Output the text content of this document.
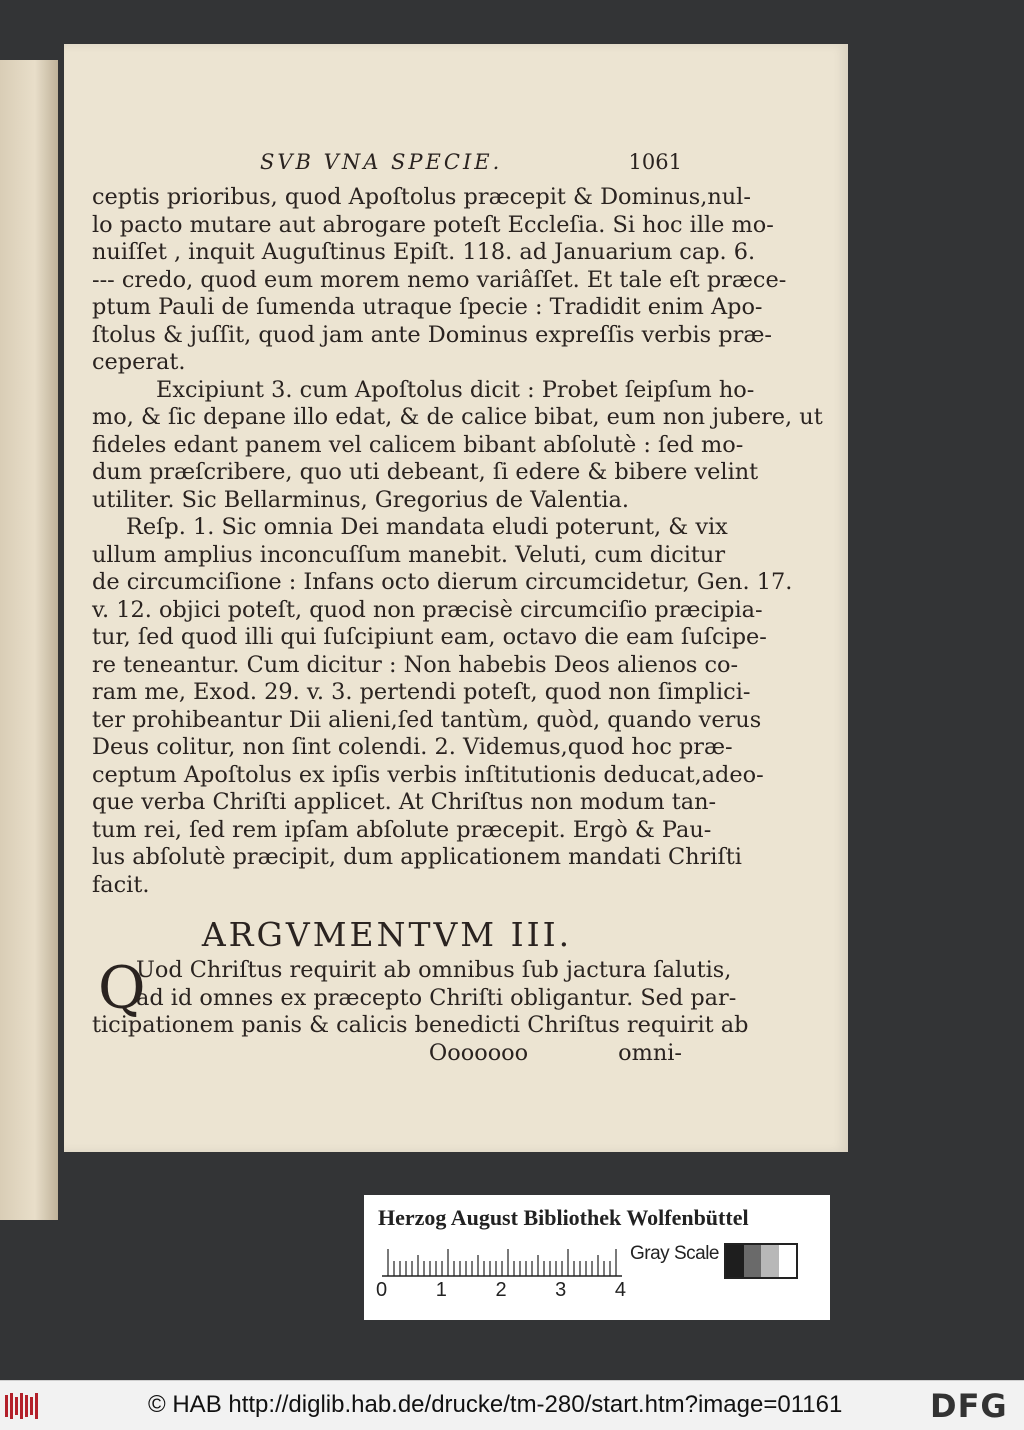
SVB VNA SPECIE.	1061
ceptis prioribus, quod Apoſtolus præcepit & Dominus,nul-
lo pacto mutare aut abrogare poteſt Eccleſia. Si hoc ille mo-
nuiſſet , inquit Auguſtinus Epiſt. 118. ad Januarium cap. 6.
--- credo, quod eum morem nemo variâſſet. Et tale eſt præce-
ptum Pauli de ſumenda utraque ſpecie : Tradidit enim Apo-
ſtolus & juſſit, quod jam ante Dominus expreſſis verbis præ-
ceperat.
Excipiunt 3. cum Apoſtolus dicit : Probet ſeipſum ho-
mo, & ſic depane illo edat, & de calice bibat, eum non jubere, ut
fideles edant panem vel calicem bibant abſolutè : ſed mo-
dum præſcribere, quo uti debeant, ſi edere & bibere velint
utiliter. Sic Bellarminus, Gregorius de Valentia.
Reſp. 1. Sic omnia Dei mandata eludi poterunt, & vix
ullum amplius inconcuſſum manebit. Veluti, cum dicitur
de circumciſione : Infans octo dierum circumcidetur, Gen. 17.
v. 12. objici poteſt, quod non præcisè circumciſio præcipia-
tur, ſed quod illi qui ſuſcipiunt eam, octavo die eam ſuſcipe-
re teneantur. Cum dicitur : Non habebis Deos alienos co-
ram me, Exod. 29. v. 3. pertendi poteſt, quod non ſimplici-
ter prohibeantur Dii alieni,ſed tantùm, quòd, quando verus
Deus colitur, non ſint colendi. 2. Videmus,quod hoc præ-
ceptum Apoſtolus ex ipſis verbis inſtitutionis deducat,adeo-
que verba Chriſti applicet. At Chriſtus non modum tan-
tum rei, ſed rem ipſam abſolute præcepit. Ergò & Pau-
lus abſolutè præcipit, dum applicationem mandati Chriſti
facit.
ARGVMENTVM III.
Q
Uod Chriſtus requirit ab omnibus ſub jactura ſalutis,
ad id omnes ex præcepto Chriſti obligantur. Sed par-
ticipationem panis & calicis benedicti Chriſtus requirit ab
Ooooooo	omni-
Herzog August Bibliothek Wolfenbüttel
0 1 2 3 4
Gray Scale
© HAB http://diglib.hab.de/drucke/tm-280/start.htm?image=01161	DFG
